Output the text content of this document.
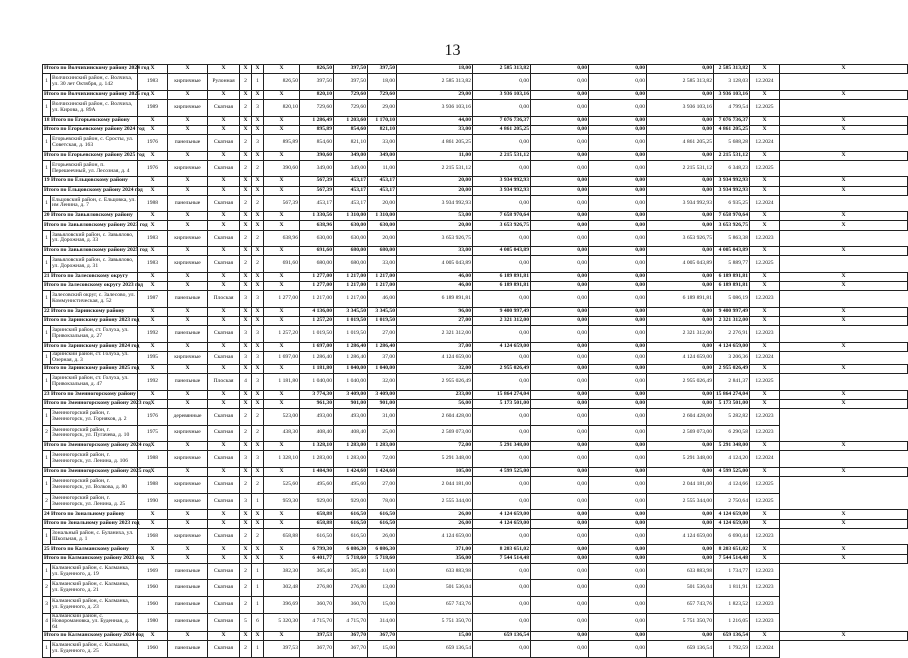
13
Итого по Волчихинскому району 2024 год		X	X	X	X	X	X	826,50	397,50	397,50	18,00	2 585 313,82	0,00	0,00	0,00	2 585 313,82	X	X
1	Волчихинский район, с. Волчиха, ул. 30 лет Октября, д. 142	1983	кирпичные	Рулонная	2	1	826,50	397,50	397,50	18,00	2 585 313,82	0,00	0,00	0,00	2 585 313,82	3 128,03	12.2024	
Итого по Волчихинскому району 2025 год		X	X	X	X	X	X	820,10	729,60	729,60	29,00	3 936 103,16	0,00	0,00	0,00	3 936 103,16	X	X
1	Волчихинский район, с. Волчиха, ул. Кирова, д. 89А	1989	кирпичные	Скатная	2	3	820,10	729,60	729,60	29,00	3 936 103,16	0,00	0,00	0,00	3 936 103,16	4 799,54	12.2025	
18 Итого по Егорьевскому району		X	X	X	X	X	X	1 286,49	1 203,60	1 170,10	44,00	7 076 736,37	0,00	0,00	0,00	7 076 736,37	X	X
Итого по Егорьевскому району 2024 год		X	X	X	X	X	X	895,89	854,60	821,10	33,00	4 861 205,25	0,00	0,00	0,00	4 861 205,25	X	X
1	Егорьевский район, с. Сросты, ул. Советская, д. 163	1976	панельные	Скатная	2	3	895,89	854,60	821,10	33,00	4 861 205,25	0,00	0,00	0,00	4 861 205,25	5 688,28	12.2024	
Итого по Егорьевскому району 2025 год		X	X	X	X	X	X	390,60	349,00	349,00	11,00	2 215 531,12	0,00	0,00	0,00	2 215 531,12	X	X
1	Егорьевский район, п. Перешеечный, ул. Лесозная, д. 4	1976	кирпичные	Скатная	2	2	390,60	349,00	349,00	11,00	2 215 531,12	0,00	0,00	0,00	2 215 531,12	6 348,23	12.2025	
19 Итого по Ельцовскому району		X	X	X	X	X	X	567,39	453,17	453,17	20,00	3 934 992,93	0,00	0,00	0,00	3 934 992,93	X	X
Итого по Ельцовскому району 2024 год		X	X	X	X	X	X	567,39	453,17	453,17	20,00	3 934 992,93	0,00	0,00	0,00	3 934 992,93	X	X
1	Ельцовский район, с. Ельцовка, ул. им Ленина, д. 7	1988	панельные	Скатная	2	2	567,39	453,17	453,17	20,00	3 934 992,93	0,00	0,00	0,00	3 934 992,93	6 935,25	12.2024	
20 Итого по Завьяловскому району		X	X	X	X	X	X	1 330,56	1 310,00	1 310,00	53,00	7 658 970,64	0,00	0,00	0,00	7 658 970,64	X	X
Итого по Завьяловскому району 2023 год		X	X	X	X	X	X	638,96	630,00	630,00	20,00	3 653 926,75	0,00	0,00	0,00	3 653 926,75	X	X
1	Завьяловский район, с. Завьялово, ул. Дорожная, д. 33	1983	кирпичные	Скатная	2	2	638,96	630,00	630,00	20,00	3 653 926,75	0,00	0,00	0,00	3 653 926,75	5 863,38	12.2023	
Итого по Завьяловскому району 2025 год		X	X	X	X	X	X	691,60	680,00	680,00	33,00	4 005 043,89	0,00	0,00	0,00	4 005 043,89	X	X
1	Завьяловский район, с. Завьялово, ул. Дорожная, д. 31	1983	кирпичные	Скатная	2	2	691,60	680,00	680,00	33,00	4 005 043,89	0,00	0,00	0,00	4 005 043,89	5 889,77	12.2025	
21 Итого по Залесовскому округу		X	X	X	X	X	X	1 277,00	1 217,00	1 217,00	46,00	6 189 891,81	0,00	0,00	0,00	6 189 891,81	X	X
Итого по Залесовскому округу 2023 год		X	X	X	X	X	X	1 277,00	1 217,00	1 217,00	46,00	6 189 891,81	0,00	0,00	0,00	6 189 891,81	X	X
1	Залесовский округ, с. Залесово, ул. Коммунистическая, д. 52	1987	панельные	Плоская	3	3	1 277,00	1 217,00	1 217,00	46,00	6 189 891,81	0,00	0,00	0,00	6 189 891,81	5 086,19	12.2023	
22 Итого по Заринскому району		X	X	X	X	X	X	4 136,00	3 345,50	3 345,50	96,00	9 400 997,49	0,00	0,00	0,00	9 400 997,49	X	X
Итого по Заринскому району 2023 год		X	X	X	X	X	X	1 257,20	1 019,50	1 019,50	27,00	2 321 312,00	0,00	0,00	0,00	2 321 312,00	X	X
1	Заринский район, ст. Голуха, ул. Привокзальная, д. 27	1992	панельные	Скатная	3	3	1 257,20	1 019,50	1 019,50	27,00	2 321 312,00	0,00	0,00	0,00	2 321 312,00	2 276,91	12.2023	
Итого по Заринскому району 2024 год		X	X	X	X	X	X	1 697,00	1 286,40	1 286,40	37,00	4 124 659,00	0,00	0,00	0,00	4 124 659,00	X	X
1	Заринский район, ст. Голуха, ул. Озерная, д. 3	1995	кирпичные	Скатная	3	3	1 697,00	1 286,40	1 286,40	37,00	4 124 659,00	0,00	0,00	0,00	4 124 659,00	3 206,36	12.2024	
Итого по Заринскому району 2025 год		X	X	X	X	X	X	1 181,80	1 040,00	1 040,00	32,00	2 955 026,49	0,00	0,00	0,00	2 955 026,49	X	X
1	Заринский район, ст. Голуха, ул. Привокзальная, д. 47	1992	панельные	Плоская	4	3	1 181,80	1 040,00	1 040,00	32,00	2 955 026,49	0,00	0,00	0,00	2 955 026,49	2 841,37	12.2025	
23 Итого по Змеиногорскому району		X	X	X	X	X	X	3 774,30	3 409,00	3 409,00	233,00	15 864 274,04	0,00	0,00	0,00	15 864 274,04	X	X
Итого по Змеиногорскому району 2023 год		X	X	X	X	X	X	961,30	901,00	901,00	56,00	5 173 501,00	0,00	0,00	0,00	5 173 501,00	X	X
1	Змеиногорский район, г. Змеиногорск, ул. Горняков, д. 2	1976	деревянные	Скатная	2	2	523,00	493,00	493,00	31,00	2 604 428,00	0,00	0,00	0,00	2 604 428,00	5 282,82	12.2023	
2	Змеиногорский район, г. Змеиногорск, ул. Пугачева, д. 10	1975	кирпичные	Скатная	2	2	438,30	408,40	408,40	25,00	2 569 073,00	0,00	0,00	0,00	2 569 073,00	6 290,58	12.2023	
Итого по Змеиногорскому району 2024 год		X	X	X	X	X	X	1 328,10	1 283,00	1 283,00	72,00	5 291 348,00	0,00	0,00	0,00	5 291 348,00	X	X
1	Змеиногорский район, г. Змеиногорск, ул. Ленина, д. 106	1988	кирпичные	Скатная	3	3	1 328,10	1 283,00	1 283,00	72,00	5 291 348,00	0,00	0,00	0,00	5 291 348,00	4 124,20	12.2024	
Итого по Змеиногорскому району 2025 год		X	X	X	X	X	X	1 484,90	1 424,60	1 424,60	105,00	4 599 525,00	0,00	0,00	0,00	4 599 525,00	X	X
1	Змеиногорский район, г. Змеиногорск, ул. Волкова, д. 80	1988	кирпичные	Скатная	2	2	525,60	495,60	495,60	27,00	2 044 181,00	0,00	0,00	0,00	2 044 181,00	4 124,66	12.2025	
2	Змеиногорский район, г. Змеиногорск, ул. Ленина, д. 25	1990	кирпичные	Скатная	3	1	959,30	929,00	929,00	78,00	2 555 344,00	0,00	0,00	0,00	2 555 344,00	2 750,64	12.2025	
24 Итого по Зональному району		X	X	X	X	X	X	658,88	616,50	616,50	26,00	4 124 659,00	0,00	0,00	0,00	4 124 659,00	X	X
Итого по Зональному району 2023 год		X	X	X	X	X	X	658,88	616,50	616,50	26,00	4 124 659,00	0,00	0,00	0,00	4 124 659,00	X	X
1	Зональный район, с. Буланиха, ул. Школьная, д. 1	1968	кирпичные	Скатная	2	2	658,88	616,50	616,50	26,00	4 124 659,00	0,00	0,00	0,00	4 124 659,00	6 690,44	12.2023	
25 Итого по Калманскому району		X	X	X	X	X	X	6 799,30	6 086,30	6 086,30	371,00	8 203 651,02	0,00	0,00	0,00	8 203 651,02	X	X
Итого по Калманскому району 2023 год		X	X	X	X	X	X	6 401,77	5 718,60	5 718,60	356,00	7 544 514,48	0,00	0,00	0,00	7 544 514,48	X	X
1	Калманский район, с. Калманка, ул. Буденного, д. 19	1969	панельные	Скатная	2	1	382,30	365,40	365,40	14,00	633 883,98	0,00	0,00	0,00	633 883,98	1 734,77	12.2023	
2	Калманский район, с. Калманка, ул. Буденного, д. 21	1960	панельные	Скатная	2	1	302,48	276,80	276,80	13,00	501 536,04	0,00	0,00	0,00	501 536,04	1 811,91	12.2023	
3	Калманский район, с. Калманка, ул. Буденного, д. 23	1960	панельные	Скатная	2	1	396,69	360,70	360,70	15,00	657 743,76	0,00	0,00	0,00	657 743,76	1 823,52	12.2023	
4	Калманский район, с. Новоромановка, ул. Буденная, д. 64	1980	панельные	Скатная	5	6	5 320,30	4 715,70	4 715,70	314,00	5 751 350,70	0,00	0,00	0,00	5 751 350,70	1 216,05	12.2023	
Итого по Калманскому району 2024 год		X	X	X	X	X	X	397,53	367,70	367,70	15,00	659 136,54	0,00	0,00	0,00	659 136,54	X	X
1	Калманский район, с. Калманка, ул. Буденного, д. 25	1960	панельные	Скатная	2	1	397,53	367,70	367,70	15,00	659 136,54	0,00	0,00	0,00	659 136,54	1 792,59	12.2024	
